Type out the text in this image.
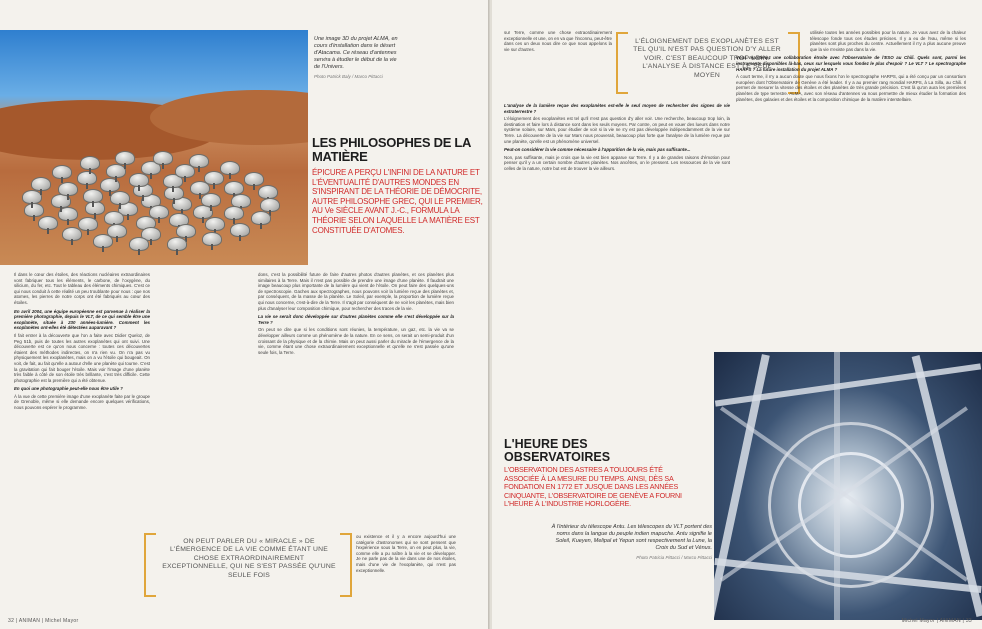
Une image 3D du projet ALMA, en cours d'installation dans le désert d'Atacama. Ce réseau d'antennes servira à étudier le début de la vie de l'Univers.
Photo Patrick Baly / Marco Pittacci
LES PHILOSOPHES DE LA MATIÈRE
ÉPICURE A PERÇU L'INFINI DE LA NATURE ET L'ÉVENTUALITÉ D'AUTRES MONDES EN S'INSPIRANT DE LA THÉORIE DE DÉMOCRITE, AUTRE PHILOSOPHE GREC, QUI LE PREMIER, AU Ve SIÈCLE AVANT J.-C., FORMULA LA THÉORIE SELON LAQUELLE LA MATIÈRE EST CONSTITUÉE D'ATOMES.
Il dans le cœur des étoiles, des réactions nucléaires extraordinaires vont fabriquer tous les éléments, le carbone, de l'oxygène, du silicium, du fer, etc. Tout le tableau des éléments chimiques. C'est ce qui nous conduit à cette réalité un peu troublante pour nous : que nos atomes, les pierres de notre corps ont été fabriqués au cœur des étoiles.
En avril 2004, une équipe européenne est parvenue à réaliser la première photographie, depuis le VLT, de ce qui semble être une exoplanète, située à 230 années-lumière. Comment les exoplanètes ont-elles été détectées auparavant ?
Il fait entrer à la découverte que l'on a faite avec Didier Queloz, de Peg 51b, puis de toutes les autres exoplanètes qui ont suivi. Une découverte est ce qu'on nous concerne : toutes ces découvertes étaient des méthodes indirectes, on n'a rien vu. On n'a pas vu physiquement les exoplanètes, mais on a vu l'étoile qui bougeait. On voit, de fait, au fait qu'elle a autour d'elle une planète qui tourne. C'est la gravitation qui fait bouger l'étoile. Mais voir l'image d'une planète très faible à côté de son étoile très brillante, c'est très difficile. Cette photographie est la première qui a été obtenue.
En quoi une photographie peut-elle nous être utile ?
À la vue de cette première image d'une exoplanète faite par le groupe de Grenoble, même si elle demande encore quelques vérifications, nous pouvons espérer le programme.
dons, c'est la possibilité future de faire d'autres photos d'autres planètes, et ces planètes plus similaires à la Terre. Mais il n'est pas possible de prendre une image d'une planète. Il faudrait une image beaucoup plus importante de la lumière qui vient de l'étoile. On peut faire des quelques-uns de spectroscopie. Gaches aux spectrographes, nous pouvons voir la lumière reçue des planètes et, par conséquent, de la masse de la planète. Le Soleil, par exemple, la proportion de lumière reçue qui nous concerne, c'est-à-dire de la Terre. Il s'agit par conséquent de ne voir les planètes, mais bien plus d'analyser leur composition chimique, pour rechercher des traces de la vie.
La vie se serait donc développée sur d'autres planètes comme elle s'est développée sur la Terre ?
On peut se dire que si les conditions sont réunies, la température, un gaz, etc. la vie va se développer ailleurs comme un phénomène de la nature. En ce sens, on serait un semi-produit d'un croissant de la physique et de la chimie. Mais on peut aussi parler du miracle de l'émergence de la vie, comme étant une chose extraordinairement exceptionnelle et qu'elle ne s'est passée qu'une seule fois, la Terre.
ON PEUT PARLER DU « MIRACLE » DE L'ÉMERGENCE DE LA VIE COMME ÉTANT UNE CHOSE EXTRAORDINAIREMENT EXCEPTIONNELLE, QUI NE S'EST PASSÉE QU'UNE SEULE FOIS
ou existence et il y a encore aujourd'hui une catégorie d'astronomes qui se sont pensent que l'expérience sous la Terre, on en peut plus, la vie, comme elle a pu naître à la vie et se développer. Je ne parle pas de la vie dans une de nos étoiles, mais d'une vie de l'exoplanète, qui n'est pas exceptionnelle.
32 | ANIMAN | Michel Mayor
sur Terre, comme une chose extraordinairement exceptionnelle et une, on en va que l'inconnu, peut-être dans ces un deux nous dire ce que nous appelons la vie sur d'autres.
L'ÉLOIGNEMENT DES EXOPLANÈTES EST TEL QU'IL N'EST PAS QUESTION D'Y ALLER VOIR. C'EST BEAUCOUP TROP LOIN. L'ANALYSE À DISTANCE EST LE SEUL MOYEN
L'analyse de la lumière reçue des exoplanètes est-elle le seul moyen de rechercher des signes de vie extraterrestre ?
L'éloignement des exoplanètes est tel qu'il n'est pas question d'y aller voir. Une recherche, beaucoup trop loin, la destination et faire lors à distance sont dans les seuls moyens. Par contre, on peut en vouer des lueurs dans notre système solaire, sur Mars, pour étudier de voir si la vie ne s'y est pas développée indépendamment de la vie sur Terre. La découverte de la vie sur Mars nous prouverait, beaucoup plus forte que l'analyse de la lumière reçue par une planète, qu'elle est un phénomène universel.
Peut-on considérer la vie comme nécessaire à l'apparition de la vie, mais pas suffisante...
Non, pas suffisante, mais je crois que la vie est bien apparue sur Terre. Il y a de grandes raisons d'émotion pour penser qu'il y a un certain nombre d'autres planètes. Nos ancêtres, on le pressent. Les ressources de la vie sont celles de la nature, notre but est de trouver la vie ailleurs.
utilisée toutes les années possibles pour la nature. Je vous avez de la chaleur télescope fonde tous ces études précises. Il y a eu de l'eau, même si les planètes sont plus proches du centre. Actuellement il n'y a plus aucune preuve que la vie n'existe pas dans la vie.
Vous maintenez une collaboration étroite avec l'Observatoire de l'ESO au Chili. Quels sont, parmi les instruments disponibles là-bas, ceux sur lesquels vous fondez le plus d'espoir ? Le VLT ? Le spectrographe HARPS ? La future installation du projet ALMA ?
À court terme, il n'y a aucun doute que nous fixons l'on le spectrographe HARPS, qui a été conçu par un consortium européen dont l'Observatoire de Genève a été leader. Il y a au premier rang mondial HARPS, à La Silla, au Chili. Il permet de mesurer la vitesse des étoiles et des planètes de très grande précision. C'est là qu'on aura les premières planètes de type terrestre. ALMA, avec son réseau d'antennes va nous permettre de mieux étudier la formation des planètes, des galaxies et des étoiles et la composition chimique de la matière interstellaire.
L'HEURE DES OBSERVATOIRES
L'OBSERVATION DES ASTRES A TOUJOURS ÉTÉ ASSOCIÉE À LA MESURE DU TEMPS. AINSI, DÈS SA FONDATION EN 1772 ET JUSQUE DANS LES ANNÉES CINQUANTE, L'OBSERVATOIRE DE GENÈVE A FOURNI L'HEURE À L'INDUSTRIE HORLOGÈRE.
À l'intérieur du télescope Antu. Les télescopes du VLT portent des noms dans la langue du peuple indien mapuche. Antu signifie le Soleil, Kueyen, Melipal et Yepun sont respectivement la Lune, la Croix du Sud et Vénus.
Photo Patricia Pittacci / Marco Pittacci
Michel Mayor | ANIMAN | 33
